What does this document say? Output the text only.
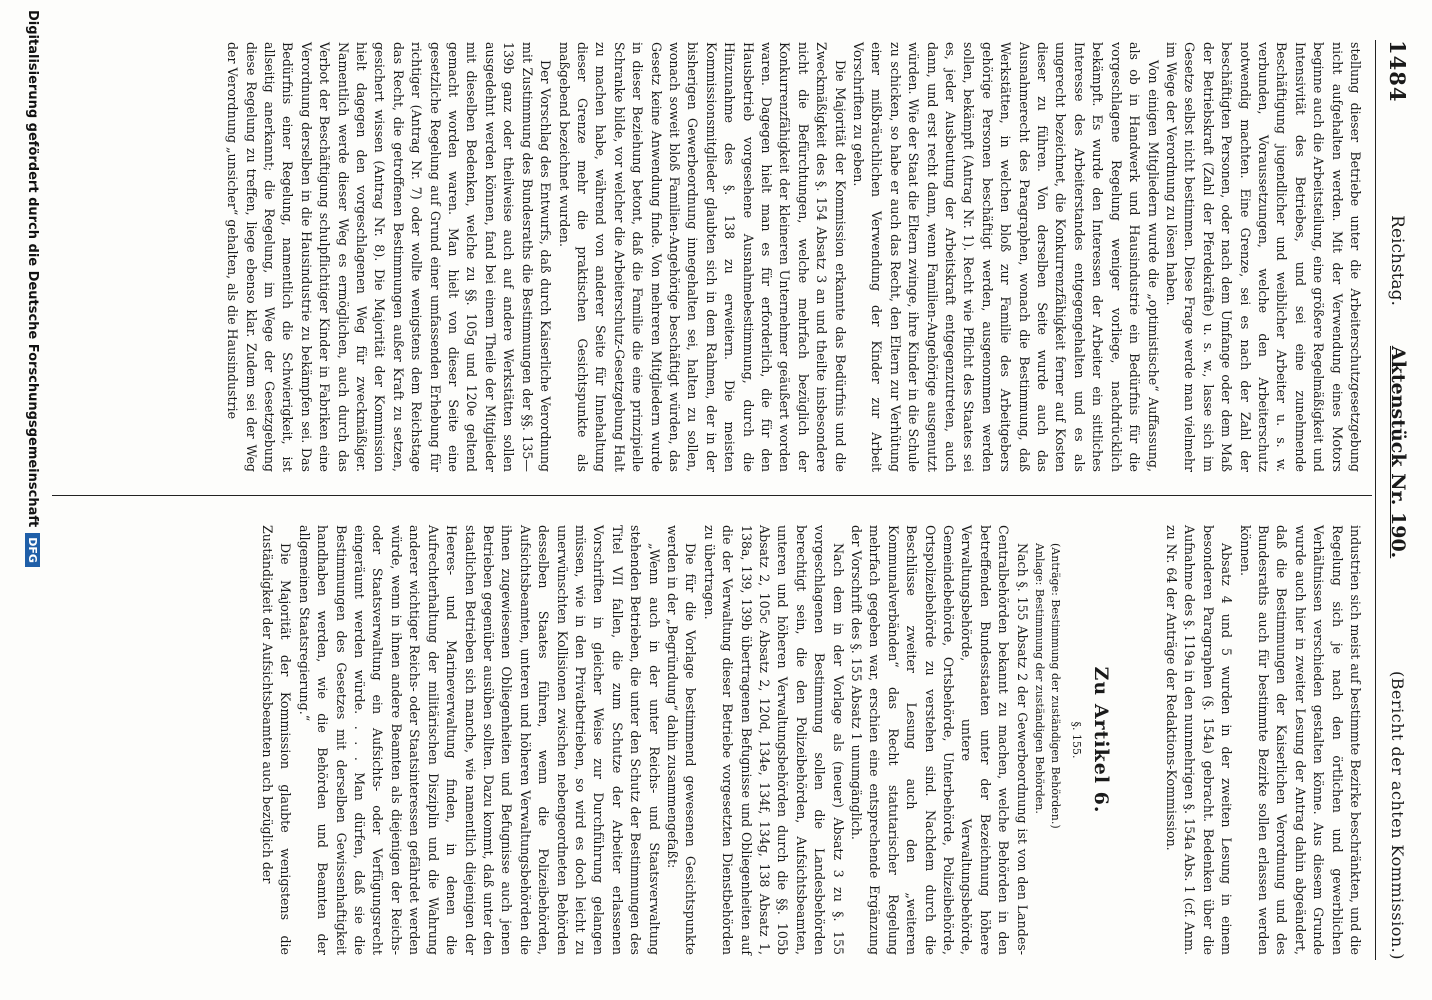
1484
Reichstag.
Aktenstück Nr. 190.
(Bericht der achten Kommission.)

stellung dieser Betriebe unter die Arbeiterschutzgesetzgebung nicht aufgehalten werden. Mit der Verwendung eines Motors beginne auch die Arbeitsteilung, eine größere Regelmäßigkeit und Intensivität des Betriebes, und sei eine zunehmende Beschäftigung jugendlicher und weiblicher Arbeiter u. s. w. verbunden, Voraussetzungen, welche den Arbeiterschutz notwendig machten. Eine Grenze, sei es nach der Zahl der beschäftigten Personen, oder nach dem Umfange oder dem Maß der Betriebskraft (Zahl der Pferdekräfte) u. s. w., lasse sich im Gesetze selbst nicht bestimmen. Diese Frage werde man vielmehr im Wege der Verordnung zu lösen haben.

Von einigen Mitgliedern wurde die „optimistische“ Auffassung, als ob in Handwerk und Hausindustrie ein Bedürfnis für die vorgeschlagene Regelung weniger vorliege, nachdrücklich bekämpft. Es wurde den Interessen der Arbeiter ein sittliches Interesse des Arbeiterstandes entgegengehalten und es als ungerecht bezeichnet, die Konkurrenzfähigkeit ferner auf Kosten dieser zu führen. Von derselben Seite wurde auch das Ausnahmerecht des Paragraphen, wonach die Bestimmung, daß Werkstätten, in welchen bloß zur Familie des Arbeitgebers gehörige Personen beschäftigt werden, ausgenommen werden sollen, bekämpft (Antrag Nr. 1). Recht wie Pflicht des Staates sei es, jeder Ausbeutung der Arbeitskraft entgegenzutreten, auch dann, und erst recht dann, wenn Familien-Angehörige ausgenutzt würden. Wie der Staat die Eltern zwinge, ihre Kinder in die Schule zu schicken, so habe er auch das Recht, den Eltern zur Verhütung einer mißbräuchlichen Verwendung der Kinder zur Arbeit Vorschriften zu geben.

Die Majorität der Kommission erkannte das Bedürfnis und die Zweckmäßigkeit des §. 154 Absatz 3 an und theilte insbesondere nicht die Befürchtungen, welche mehrfach bezüglich der Konkurrenzfähigkeit der kleineren Unternehmer geäußert worden waren. Dagegen hielt man es für erforderlich, die für den Hausbetrieb vorgesehene Ausnahmebestimmung, durch die Hinzunahme des §. 138 zu erweitern. Die meisten Kommissionsmitglieder glaubten sich in dem Rahmen, der in der bisherigen Gewerbeordnung innegehalten sei, halten zu sollen, wonach soweit bloß Familien-Angehörige beschäftigt würden, das Gesetz keine Anwendung finde. Von mehreren Mitgliedern wurde in dieser Beziehung betont, daß die Familie die eine prinzipielle Schranke bilde, vor welcher die Arbeiterschutz-Gesetzgebung Halt zu machen habe, während von anderer Seite für Innehaltung dieser Grenze mehr die praktischen Gesichtspunkte als maßgebend bezeichnet wurden.

Der Vorschlag des Entwurfs, daß durch Kaiserliche Verordnung mit Zustimmung des Bundesraths die Bestimmungen der §§. 135—139b ganz oder theilweise auch auf andere Werkstätten sollen ausgedehnt werden können, fand bei einem Theile der Mitglieder mit dieselben Bedenken, welche zu §§. 105g und 120e geltend gemacht worden waren. Man hielt von dieser Seite eine gesetzliche Regelung auf Grund einer umfassenden Erhebung für richtiger (Antrag Nr. 7) oder wollte wenigstens dem Reichstage das Recht, die getroffenen Bestimmungen außer Kraft zu setzen, gesichert wissen (Antrag Nr. 8). Die Majorität der Kommission hielt dagegen den vorgeschlagenen Weg für zweckmäßiger. Namentlich werde dieser Weg es ermöglichen, auch durch das Verbot der Beschäftigung schulpflichtiger Kinder in Fabriken eine Verordnung derselben in die Hausindustrie zu bekämpfen sei. Das Bedürfnis einer Regelung, namentlich die Schwierigkeit, ist allseitig anerkannt; die Regelung, im Wege der Gesetzgebung diese Regelung zu treffen, liege ebenso klar. Zudem sei der Weg der Verordnung „unsicher“ gehalten, als die Hausindustrie

industrien sich meist auf bestimmte Bezirke beschränkten, und die Regelung sich je nach den örtlichen und gewerblichen Verhältnissen verschieden gestalten könne. Aus diesem Grunde wurde auch hier in zweiter Lesung der Antrag dahin abgeändert, daß die Bestimmungen der Kaiserlichen Verordnung und des Bundesraths auch für bestimmte Bezirke sollen erlassen werden können.

Absatz 4 und 5 wurden in der zweiten Lesung in einem besonderen Paragraphen (§. 154a) gebracht. Bedenken über die Aufnahme des §. 119a in den nunmehrigen §. 154a Abs. 1 (cf. Anm. zu Nr. 64 der Anträge der Redaktions-Kommission.

Zu Artikel 6.
§. 155.

(Anträge: Bestimmung der zuständigen Behörden.)

Anlage: Bestimmung der zuständigen Behörden.

Nach §. 155 Absatz 2 der Gewerbeordnung ist von den Landes-Centralbehörden bekannt zu machen, welche Behörden in den betreffenden Bundesstaaten unter der Bezeichnung höhere Verwaltungsbehörde, untere Verwaltungsbehörde, Gemeindebehörde, Ortsbehörde, Unterbehörde, Polizeibehörde, Ortspolizeibehörde zu verstehen sind. Nachdem durch die Beschlüsse zweiter Lesung auch den „weiteren Kommunalverbänden“ das Recht statutarischer Regelung mehrfach gegeben war, erschien eine entsprechende Ergänzung der Vorschrift des §. 155 Absatz 1 unumgänglich.

Nach dem in der Vorlage als (neuer) Absatz 3 zu §. 155 vorgeschlagenen Bestimmung sollen die Landesbehörden berechtigt sein, die den Polizeibehörden, Aufsichtsbeamten, unteren und höheren Verwaltungsbehörden durch die §§. 105b Absatz 2, 105c Absatz 2, 120d, 134e, 134f, 134g, 138 Absatz 1, 138a, 139, 139b übertragenen Befugnisse und Obliegenheiten auf die der Verwaltung dieser Betriebe vorgesetzten Dienstbehörden zu übertragen.

Die für die Vorlage bestimmend gewesenen Gesichtspunkte werden in der „Begründung“ dahin zusammengefaßt:

„Wenn auch in der unter Reichs- und Staatsverwaltung stehenden Betrieben, die unter den Schutz der Bestimmungen des Titel VII fallen, die zum Schutze der Arbeiter erlassenen Vorschriften in gleicher Weise zur Durchführung gelangen müssen, wie in den Privatbetrieben, so wird es doch leicht zu unerwünschten Kollisionen zwischen nebengeordneten Behörden desselben Staates führen, wenn die Polizeibehörden, Aufsichtsbeamten, unteren und höheren Verwaltungsbehörden die ihnen zugewiesenen Obliegenheiten und Befugnisse auch jenen Betrieben gegenüber ausüben sollten. Dazu kommt, daß unter den staatlichen Betrieben sich manche, wie namentlich diejenigen der Heeres- und Marineverwaltung finden, in denen die Aufrechterhaltung der militärischen Disziplin und die Wahrung anderer wichtiger Reichs- oder Staatsinteressen gefährdet werden würde, wenn in ihnen andere Beamten als diejenigen der Reichs- oder Staatsverwaltung ein Aufsichts- oder Verfügungsrecht eingeräumt werden würde. . . . Man dürfen, daß sie die Bestimmungen des Gesetzes mit derselben Gewissenhaftigkeit handhaben werden, wie die Behörden und Beamten der allgemeinen Staatsregierung.“

Die Majorität der Kommission glaubte wenigstens die Zuständigkeit der Aufsichtsbeamten auch bezüglich der

Digitalisierung gefördert durch die Deutsche Forschungsgemeinschaft
DFG
